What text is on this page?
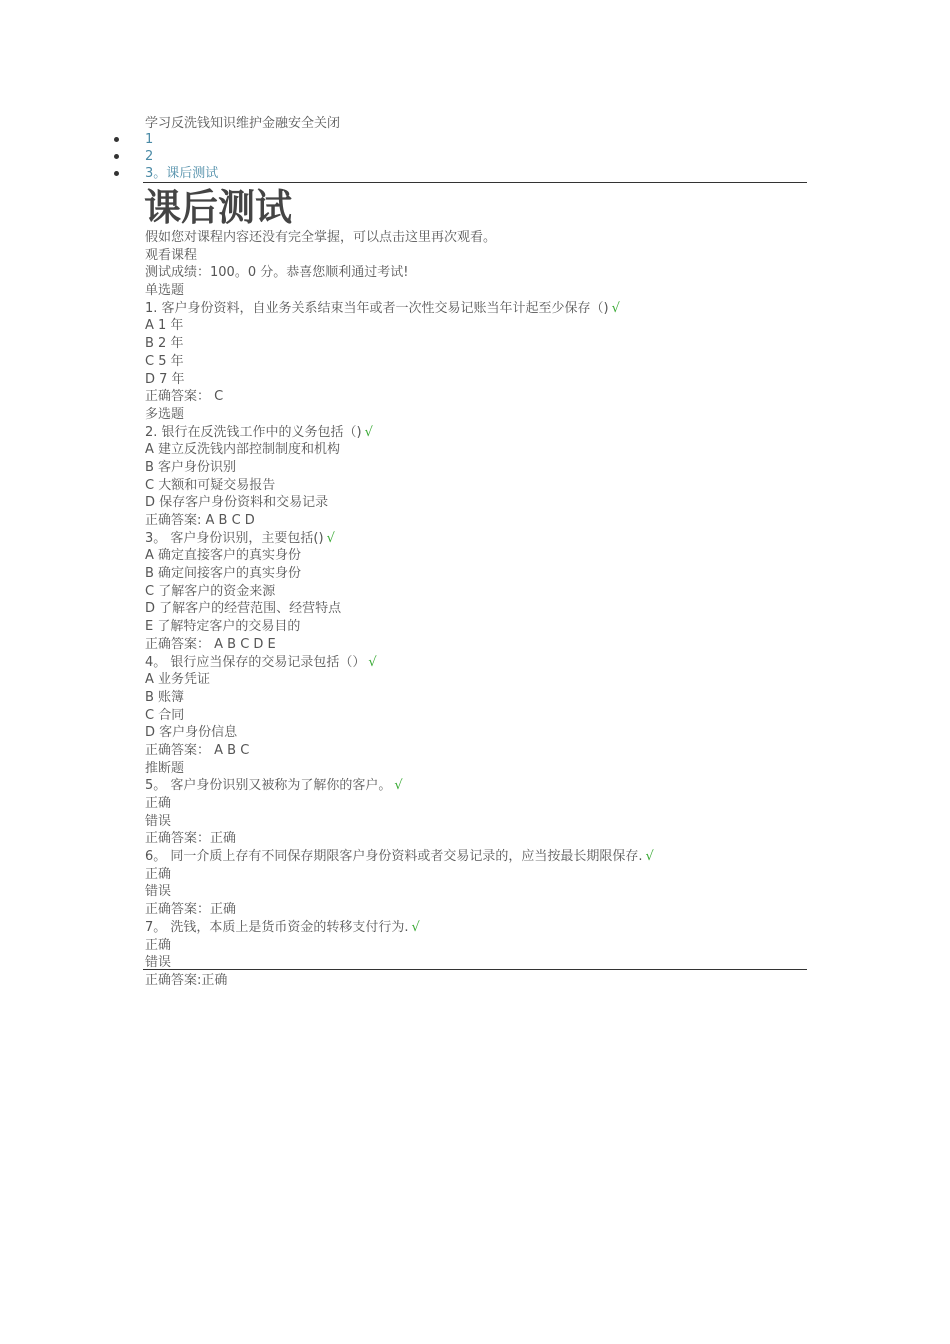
学习反洗钱知识维护金融安全关闭
1
2
3。课后测试
课后测试
假如您对课程内容还没有完全掌握，可以点击这里再次观看。
观看课程
测试成绩：100。0 分。恭喜您顺利通过考试!
单选题
1. 客户身份资料，自业务关系结束当年或者一次性交易记账当年计起至少保存（) √
A 1 年
B 2 年
C 5 年
D 7 年
正确答案： C
多选题
2. 银行在反洗钱工作中的义务包括（) √
A 建立反洗钱内部控制制度和机构
B 客户身份识别
C 大额和可疑交易报告
D 保存客户身份资料和交易记录
正确答案: A B C D
3。 客户身份识别，主要包括() √
A 确定直接客户的真实身份
B 确定间接客户的真实身份
C 了解客户的资金来源
D 了解客户的经营范围、经营特点
E 了解特定客户的交易目的
正确答案： A B C D E
4。 银行应当保存的交易记录包括（） √
A 业务凭证
B 账簿
C 合同
D 客户身份信息
正确答案： A B C
推断题
5。 客户身份识别又被称为了解你的客户。 √
正确
错误
正确答案：正确
6。 同一介质上存有不同保存期限客户身份资料或者交易记录的，应当按最长期限保存. √
正确
错误
正确答案：正确
7。 洗钱，本质上是货币资金的转移支付行为. √
正确
错误
正确答案:正确
